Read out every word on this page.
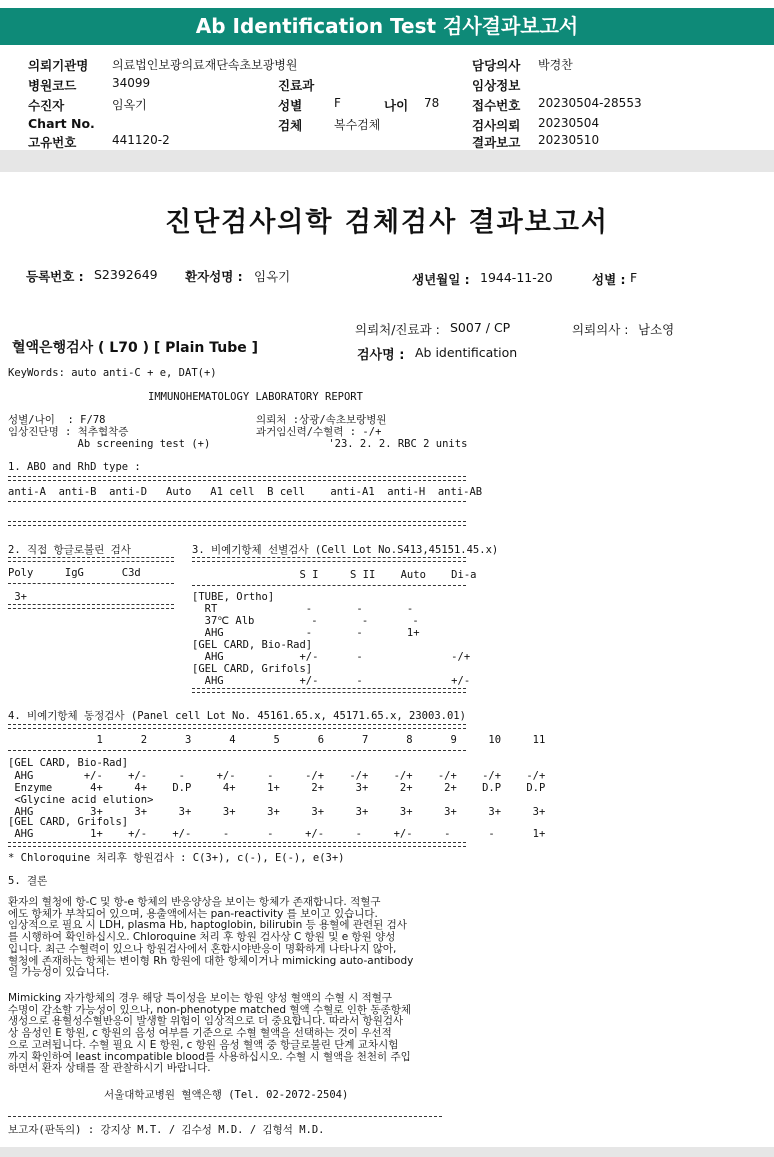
Ab Identification Test 검사결과보고서
의뢰기관명 의료법인보광의료재단속초보광병원
병원코드	34099	진료과
수진자	임옥기	성별	F	나이 78
Chart No.	검체	복수검체
고유번호	441120-2
담당의사 박경찬
임상정보
접수번호 20230504-28553
검사의뢰 20230504
결과보고 20230510
진단검사의학 검체검사 결과보고서
등록번호 : S2392649 환자성명 : 임옥기	생년월일 : 1944-11-20	성별 : F
의뢰처/진료과 : S007 / CP	의뢰의사 : 남소영
혈액은행검사 ( L70 ) [ Plain Tube ]	검사명 : Ab identification
KeyWords: auto anti-C + e, DAT(+)
IMMUNOHEMATOLOGY LABORATORY REPORT
성별/나이  : F/78
임상진단명 : 척추협착증
Ab screening test (+)
의뢰처 :상광/속초보랑병원
과거임신력/수혈력 : -/+
'23. 2. 2. RBC 2 units
1. ABO and RhD type :
anti-A  anti-B  anti-D   Auto   A1 cell  B cell    anti-A1  anti-H  anti-AB
2. 직접 항글로불린 검사
Poly     IgG      C3d
3+
3. 비예기항체 선별검사 (Cell Lot No.S413,45151.45.x)
S I     S II    Auto    Di-a
[TUBE, Ortho]
RT              -       -       -
37℃ Alb         -       -       -
AHG             -       -       1+
[GEL CARD, Bio-Rad]
AHG            +/-      -              -/+
[GEL CARD, Grifols]
AHG            +/-      -              +/-
4. 비예기항체 동정검사 (Panel cell Lot No. 45161.65.x, 45171.65.x, 23003.01)
1      2      3      4      5      6      7      8      9     10     11
[GEL CARD, Bio-Rad]
AHG        +/-    +/-     -     +/-     -     -/+    -/+    -/+    -/+    -/+    -/+
Enzyme      4+     4+    D.P     4+     1+     2+     3+     2+     2+    D.P    D.P
<Glycine acid elution>
AHG         3+     3+     3+     3+     3+     3+     3+     3+     3+     3+     3+
[GEL CARD, Grifols]
AHG         1+    +/-    +/-     -      -     +/-     -     +/-     -      -      1+
* Chloroquine 처리후 항원검사 : C(3+), c(-), E(-), e(3+)
5. 결론
환자의 혈청에 항-C 및 항-e 항체의 반응양상을 보이는 항체가 존재합니다. 적혈구
에도 항체가 부착되어 있으며, 용출액에서는 pan-reactivity 를 보이고 있습니다.
임상적으로 필요 시 LDH, plasma Hb, haptoglobin, bilirubin 등 용혈에 관련된 검사
를 시행하여 확인하십시오. Chloroquine 처리 후 항원 검사상 C 항원 및 e 항원 양성
입니다. 최근 수혈력이 있으나 항원검사에서 혼합시야반응이 명확하게 나타나지 않아,
혈청에 존재하는 항체는 변이형 Rh 항원에 대한 항체이거나 mimicking auto-antibody
일 가능성이 있습니다.
Mimicking 자가항체의 경우 해당 특이성을 보이는 항원 양성 혈액의 수혈 시 적혈구
수명이 감소할 가능성이 있으나, non-phenotype matched 혈액 수혈로 인한 동종항체
생성으로 용혈성수혈반응이 발생할 위험이 임상적으로 더 중요합니다. 따라서 항원검사
상 음성인 E 항원, c 항원의 음성 여부를 기준으로 수혈 혈액을 선택하는 것이 우선적
으로 고려됩니다. 수혈 필요 시 E 항원, c 항원 음성 혈액 중 항글로불린 단계 교차시험
까지 확인하여 least incompatible blood를 사용하십시오. 수혈 시 혈액을 천천히 주입
하면서 환자 상태를 잘 관찰하시기 바랍니다.
서울대학교병원 혈액은행 (Tel. 02-2072-2504)
보고자(판독의) : 강지상 M.T. / 김수성 M.D. / 김형석 M.D.
